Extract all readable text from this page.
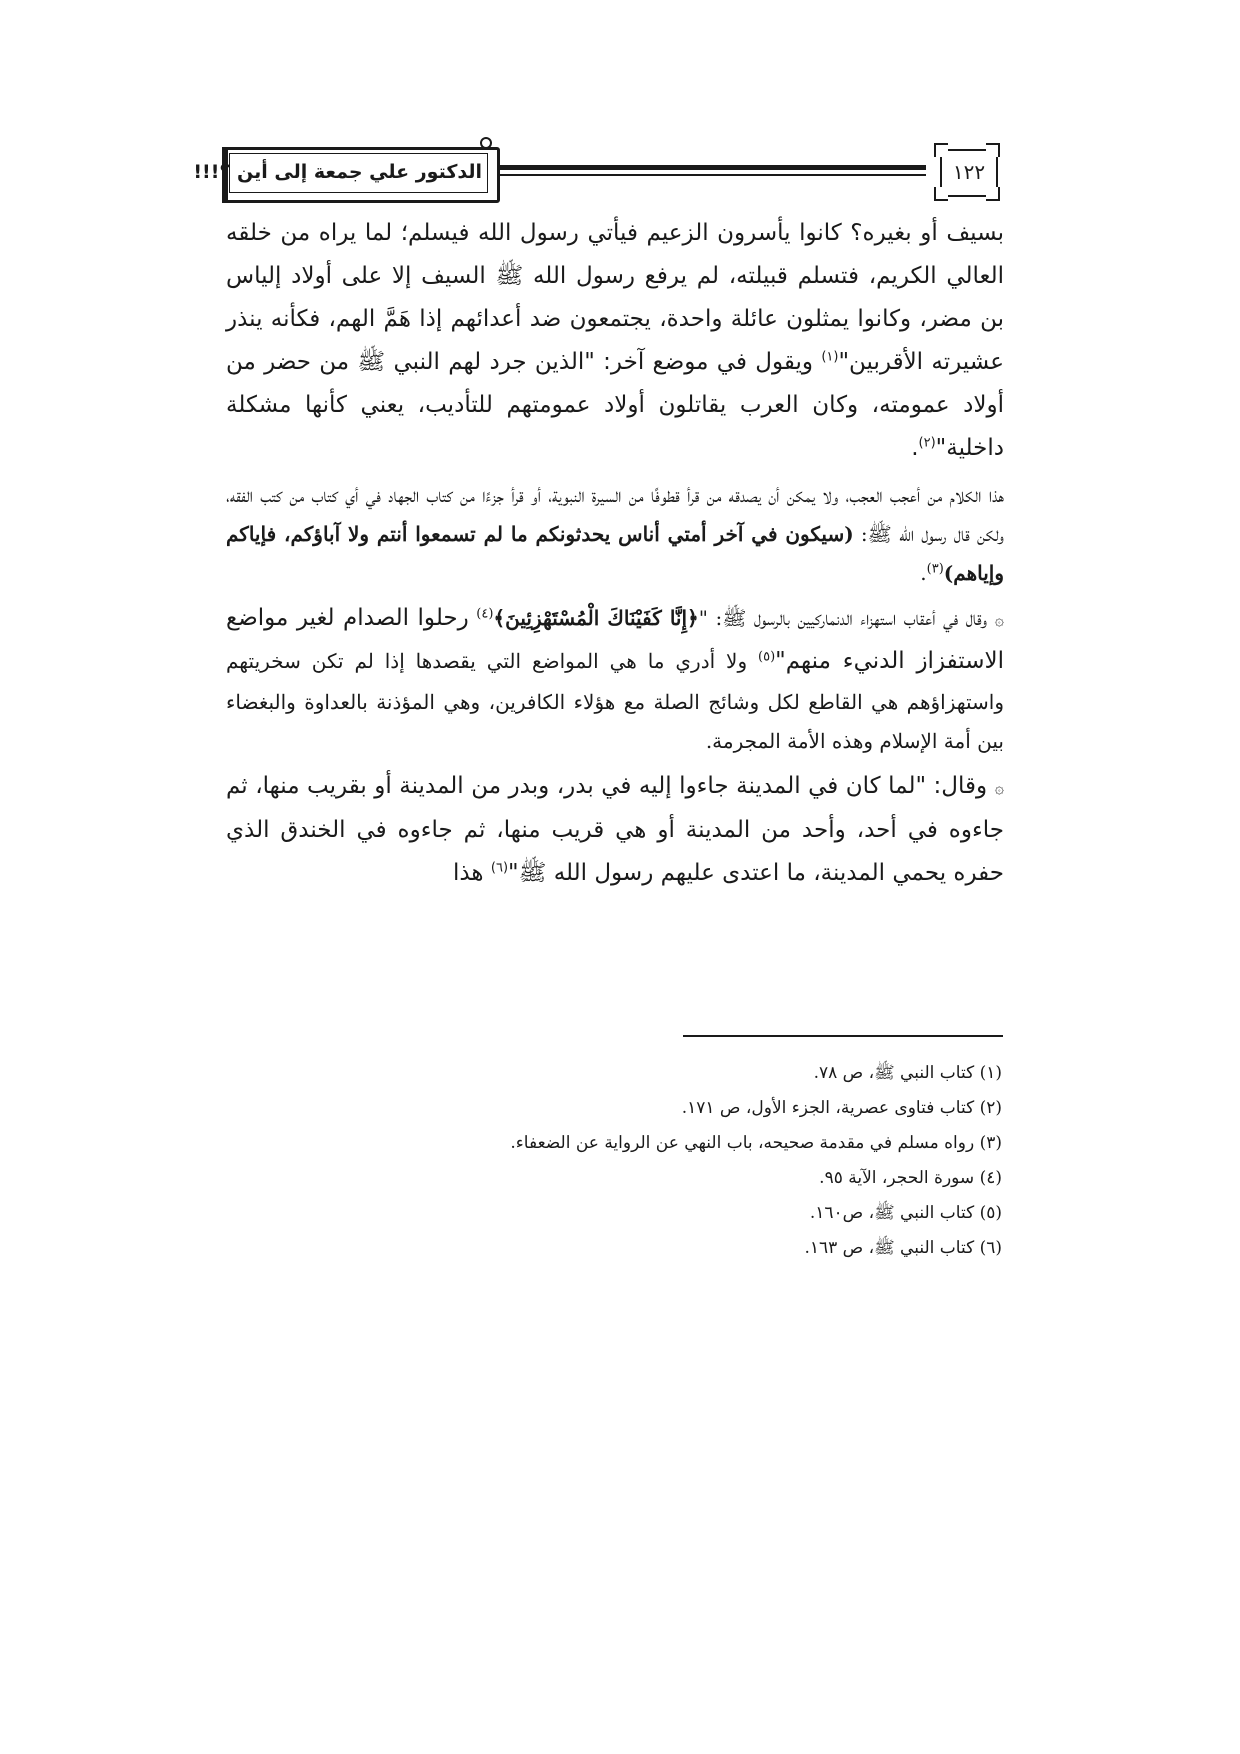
الدكتور علي جمعة إلى أين ؟!!!	١٢٢

بسيف أو بغيره؟ كانوا يأسرون الزعيم فيأتي رسول الله فيسلم؛ لما يراه من خلقه العالي الكريم، فتسلم قبيلته، لم يرفع رسول الله ﷺ السيف إلا على أولاد إلياس بن مضر، وكانوا يمثلون عائلة واحدة، يجتمعون ضد أعدائهم إذا هَمَّ الهم، فكأنه ينذر عشيرته الأقربين"$^{(١)}$ ويقول في موضع آخر: "الذين جرد لهم النبي ﷺ من حضر من أولاد عمومته، وكان العرب يقاتلون أولاد عمومتهم للتأديب، يعني كأنها مشكلة داخلية"$^{(٢)}$.

هذا الكلام من أعجب العجب، ولا يمكن أن يصدقه من قرأ قطوفًا من السيرة النبوية، أو قرأ جزءًا من كتاب الجهاد في أي كتاب من كتب الفقه، ولكن قال رسول الله ﷺ: (سيكون في آخر أمتي أناس يحدثونكم ما لم تسمعوا أنتم ولا آباؤكم، فإياكم وإياهم)$^{(٣)}$.

۞ وقال في أعقاب استهزاء الدنماركيين بالرسول ﷺ: "﴿إِنَّا كَفَيْنَاكَ الْمُسْتَهْزِئِينَ﴾$^{(٤)}$ رحلوا الصدام لغير مواضع الاستفزاز الدنيء منهم"$^{(٥)}$ ولا أدري ما هي المواضع التي يقصدها إذا لم تكن سخريتهم واستهزاؤهم هي القاطع لكل وشائج الصلة مع هؤلاء الكافرين، وهي المؤذنة بالعداوة والبغضاء بين أمة الإسلام وهذه الأمة المجرمة.

۞ وقال: "لما كان في المدينة جاءوا إليه في بدر، وبدر من المدينة أو بقريب منها، ثم جاءوه في أحد، وأحد من المدينة أو هي قريب منها، ثم جاءوه في الخندق الذي حفره يحمي المدينة، ما اعتدى عليهم رسول الله ﷺ"$^{(٦)}$ هذا

(١) كتاب النبي ﷺ، ص ٧٨.
(٢) كتاب فتاوى عصرية، الجزء الأول، ص ١٧١.
(٣) رواه مسلم في مقدمة صحيحه، باب النهي عن الرواية عن الضعفاء.
(٤) سورة الحجر، الآية ٩٥.
(٥) كتاب النبي ﷺ، ص١٦٠.
(٦) كتاب النبي ﷺ، ص ١٦٣.
